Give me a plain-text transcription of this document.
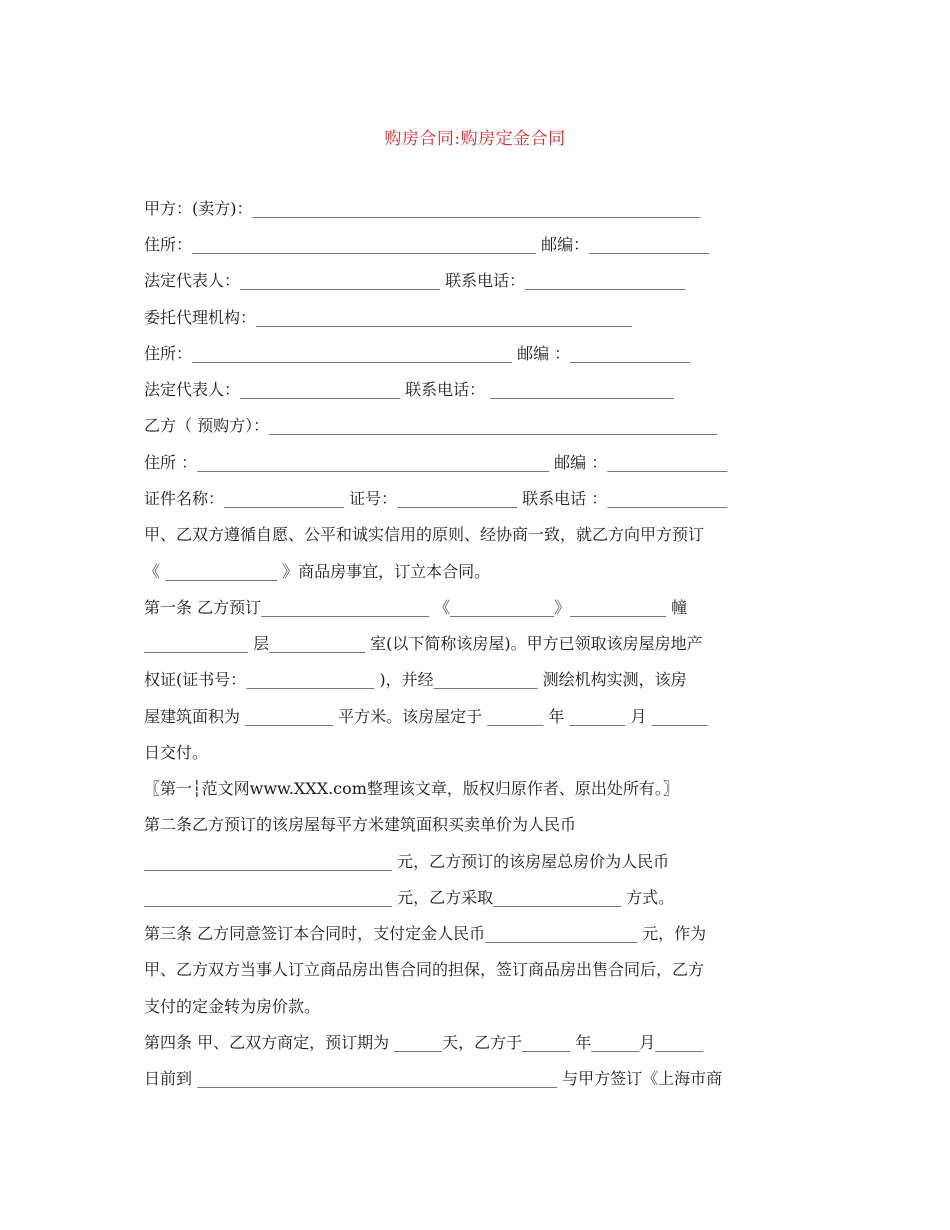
购房合同:购房定金合同
甲方：(卖方)：________________________________________________________
住所：___________________________________________ 邮编：_______________
法定代表人：_________________________ 联系电话：____________________
委托代理机构：_______________________________________________
住所：________________________________________ 邮编 ：_______________
法定代表人：____________________ 联系电话： _______________________
乙方（ 预购方）：________________________________________________________
住所 ：____________________________________________ 邮编 ：_______________
证件名称：_______________ 证号：_______________ 联系电话 ：_______________
甲、乙双方遵循自愿、公平和诚实信用的原则、经协商一致，就乙方向甲方预订
《 ______________ 》商品房事宜，订立本合同。
第一条 乙方预订_____________________ 《_____________》____________ 幢
_____________ 层____________ 室(以下简称该房屋)。甲方已领取该房屋房地产
权证(证书号：________________ )，并经_____________ 测绘机构实测，该房
屋建筑面积为 ___________ 平方米。该房屋定于 _______ 年 _______ 月 _______
日交付。
〖第一┆范文网www.XXX.com整理该文章，版权归原作者、原出处所有。〗
第二条乙方预订的该房屋每平方米建筑面积买卖单价为人民币
_______________________________ 元，乙方预订的该房屋总房价为人民币
_______________________________ 元，乙方采取________________ 方式。
第三条 乙方同意签订本合同时，支付定金人民币___________________ 元，作为
甲、乙方双方当事人订立商品房出售合同的担保，签订商品房出售合同后，乙方
支付的定金转为房价款。
第四条 甲、乙双方商定，预订期为 ______天，乙方于______ 年______月______
日前到 _____________________________________________ 与甲方签订《上海市商
